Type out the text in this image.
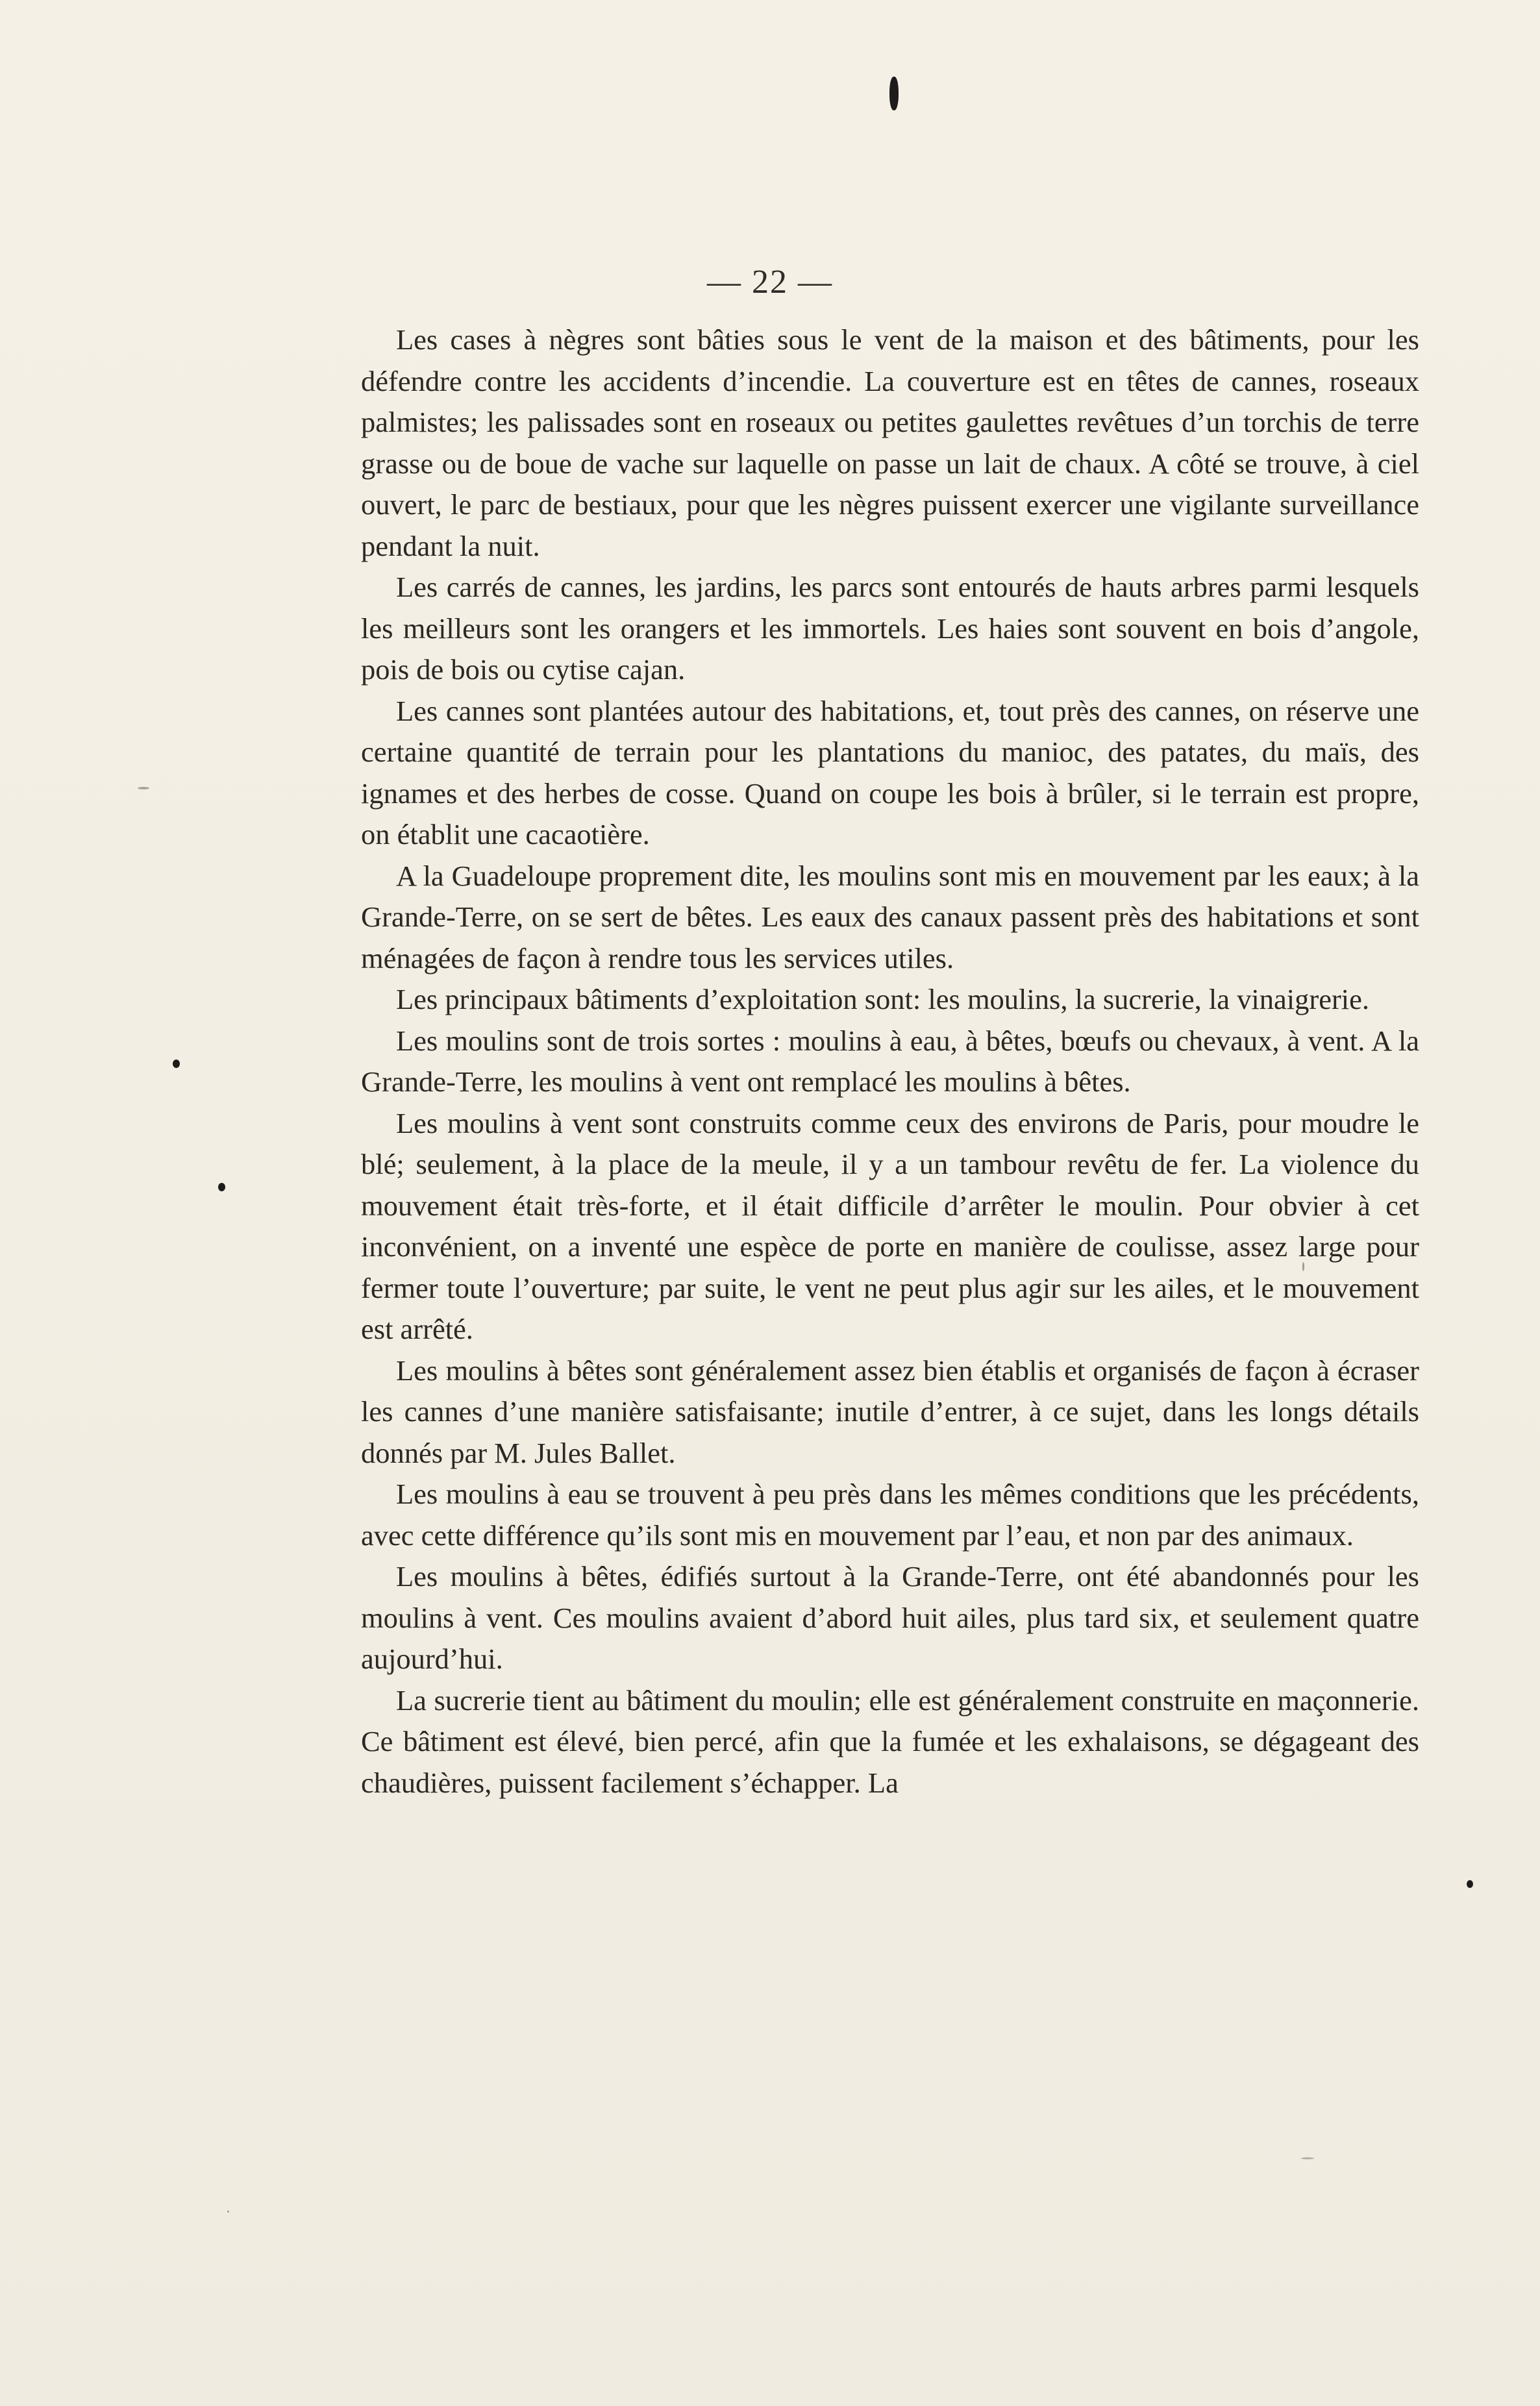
— 22 —

Les cases à nègres sont bâties sous le vent de la maison et des bâtiments, pour les défendre contre les accidents d’incendie. La couverture est en têtes de cannes, roseaux palmistes; les palissades sont en roseaux ou petites gaulettes revêtues d’un torchis de terre grasse ou de boue de vache sur laquelle on passe un lait de chaux. A côté se trouve, à ciel ouvert, le parc de bestiaux, pour que les nègres puissent exercer une vigilante surveillance pendant la nuit.

Les carrés de cannes, les jardins, les parcs sont entourés de hauts arbres parmi lesquels les meilleurs sont les orangers et les immortels. Les haies sont souvent en bois d’angole, pois de bois ou cytise cajan.

Les cannes sont plantées autour des habitations, et, tout près des cannes, on réserve une certaine quantité de terrain pour les plantations du manioc, des patates, du maïs, des ignames et des herbes de cosse. Quand on coupe les bois à brûler, si le terrain est propre, on établit une cacaotière.

A la Guadeloupe proprement dite, les moulins sont mis en mouvement par les eaux; à la Grande-Terre, on se sert de bêtes. Les eaux des canaux passent près des habitations et sont ménagées de façon à rendre tous les services utiles.

Les principaux bâtiments d’exploitation sont: les moulins, la sucrerie, la vinaigrerie.

Les moulins sont de trois sortes : moulins à eau, à bêtes, bœufs ou chevaux, à vent. A la Grande-Terre, les moulins à vent ont remplacé les moulins à bêtes.

Les moulins à vent sont construits comme ceux des environs de Paris, pour moudre le blé; seulement, à la place de la meule, il y a un tambour revêtu de fer. La violence du mouvement était très-forte, et il était difficile d’arrêter le moulin. Pour obvier à cet inconvénient, on a inventé une espèce de porte en manière de coulisse, assez large pour fermer toute l’ouverture; par suite, le vent ne peut plus agir sur les ailes, et le mouvement est arrêté.

Les moulins à bêtes sont généralement assez bien établis et organisés de façon à écraser les cannes d’une manière satisfaisante; inutile d’entrer, à ce sujet, dans les longs détails donnés par M. Jules Ballet.

Les moulins à eau se trouvent à peu près dans les mêmes conditions que les précédents, avec cette différence qu’ils sont mis en mouvement par l’eau, et non par des animaux.

Les moulins à bêtes, édifiés surtout à la Grande-Terre, ont été abandonnés pour les moulins à vent. Ces moulins avaient d’abord huit ailes, plus tard six, et seulement quatre aujourd’hui.

La sucrerie tient au bâtiment du moulin; elle est généralement construite en maçonnerie. Ce bâtiment est élevé, bien percé, afin que la fumée et les exhalaisons, se dégageant des chaudières, puissent facilement s’échapper. La
